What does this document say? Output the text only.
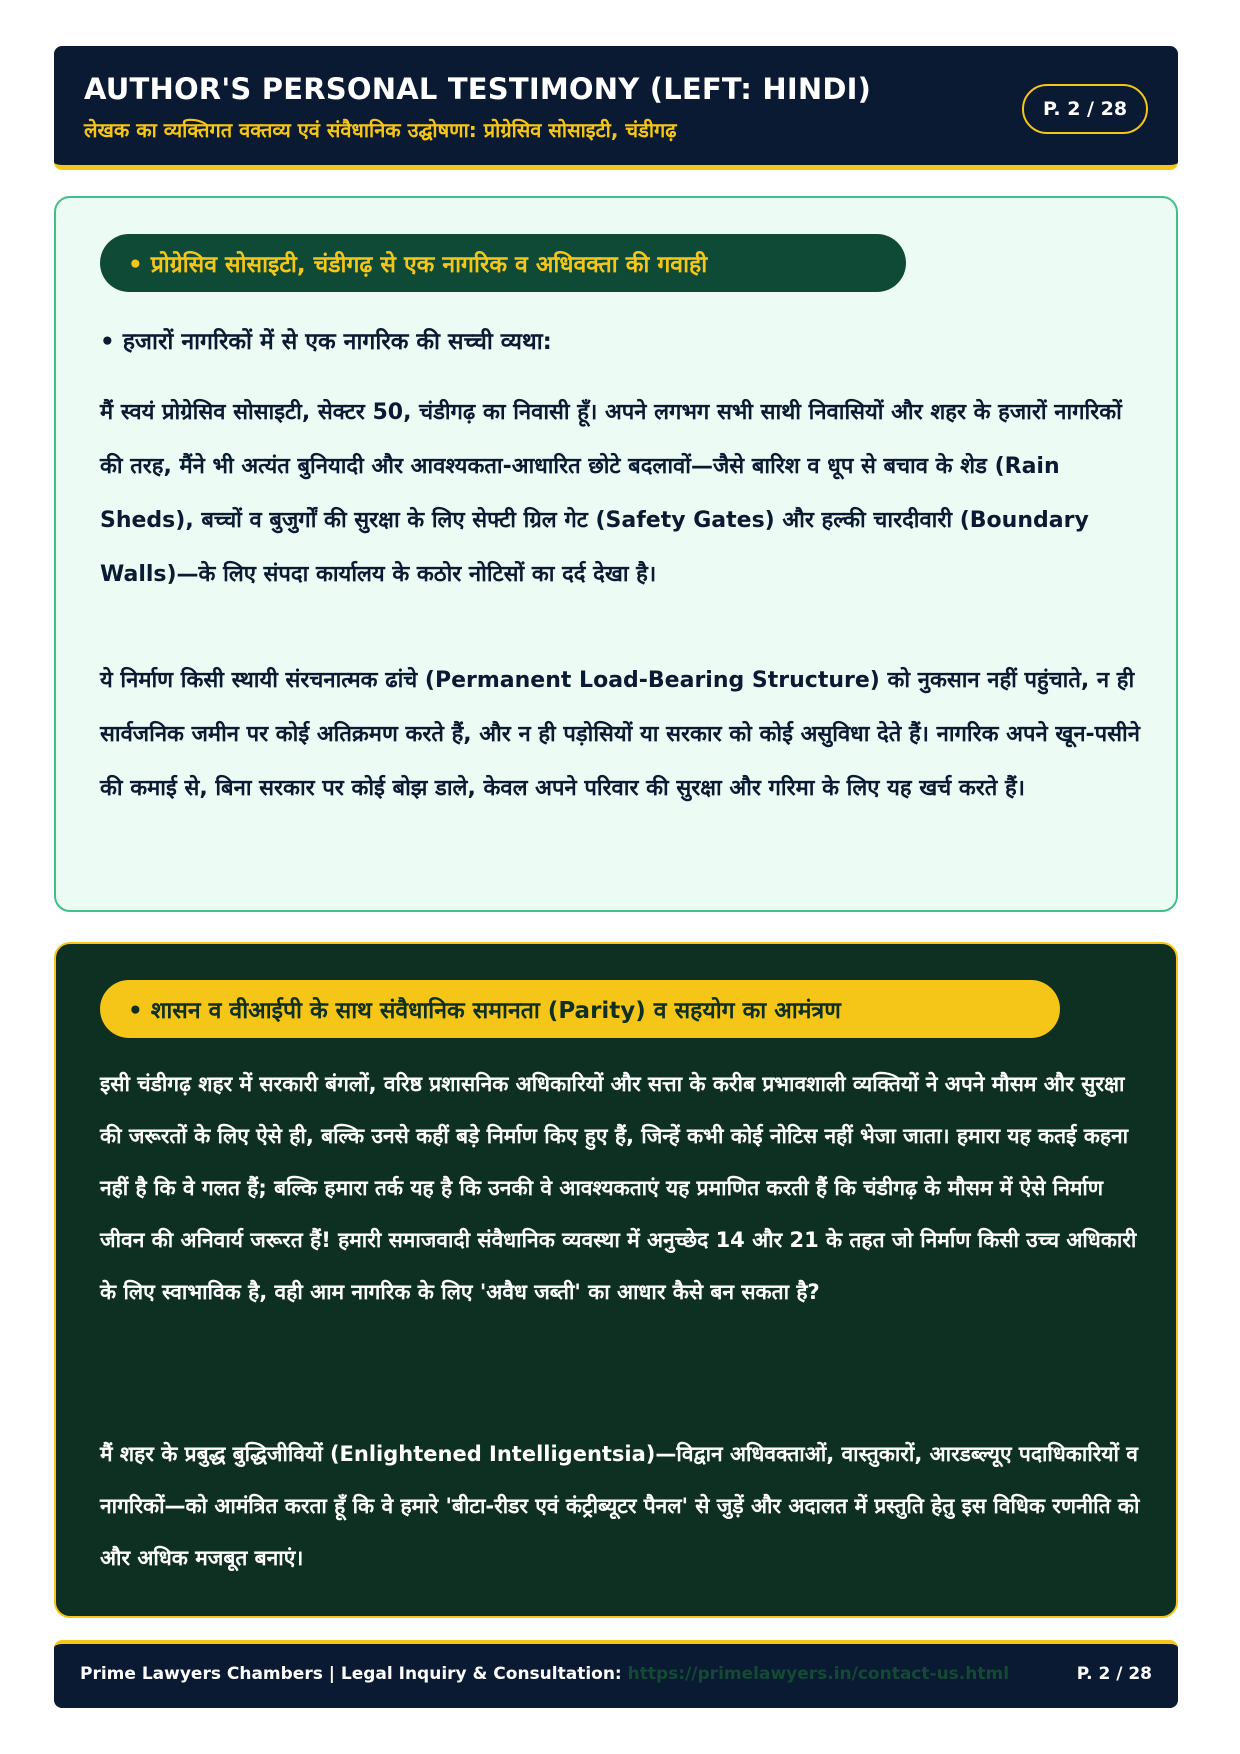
AUTHOR'S PERSONAL TESTIMONY (LEFT: HINDI)
लेखक का व्यक्तिगत वक्तव्य एवं संवैधानिक उद्घोषणा: प्रोग्रेसिव सोसाइटी, चंडीगढ़
P. 2 / 28
• प्रोग्रेसिव सोसाइटी, चंडीगढ़ से एक नागरिक व अधिवक्ता की गवाही
• हजारों नागरिकों में से एक नागरिक की सच्ची व्यथा:

मैं स्वयं प्रोग्रेसिव सोसाइटी, सेक्टर 50, चंडीगढ़ का निवासी हूँ। अपने लगभग सभी साथी निवासियों और शहर के हजारों नागरिकों की तरह, मैंने भी अत्यंत बुनियादी और आवश्यकता-आधारित छोटे बदलावों—जैसे बारिश व धूप से बचाव के शेड (Rain Sheds), बच्चों व बुजुर्गों की सुरक्षा के लिए सेफ्टी ग्रिल गेट (Safety Gates) और हल्की चारदीवारी (Boundary Walls)—के लिए संपदा कार्यालय के कठोर नोटिसों का दर्द देखा है।

ये निर्माण किसी स्थायी संरचनात्मक ढांचे (Permanent Load-Bearing Structure) को नुकसान नहीं पहुंचाते, न ही सार्वजनिक जमीन पर कोई अतिक्रमण करते हैं, और न ही पड़ोसियों या सरकार को कोई असुविधा देते हैं। नागरिक अपने खून-पसीने की कमाई से, बिना सरकार पर कोई बोझ डाले, केवल अपने परिवार की सुरक्षा और गरिमा के लिए यह खर्च करते हैं।

• शासन व वीआईपी के साथ संवैधानिक समानता (Parity) व सहयोग का आमंत्रण

इसी चंडीगढ़ शहर में सरकारी बंगलों, वरिष्ठ प्रशासनिक अधिकारियों और सत्ता के करीब प्रभावशाली व्यक्तियों ने अपने मौसम और सुरक्षा की जरूरतों के लिए ऐसे ही, बल्कि उनसे कहीं बड़े निर्माण किए हुए हैं, जिन्हें कभी कोई नोटिस नहीं भेजा जाता। हमारा यह कतई कहना नहीं है कि वे गलत हैं; बल्कि हमारा तर्क यह है कि उनकी वे आवश्यकताएं यह प्रमाणित करती हैं कि चंडीगढ़ के मौसम में ऐसे निर्माण जीवन की अनिवार्य जरूरत हैं! हमारी समाजवादी संवैधानिक व्यवस्था में अनुच्छेद 14 और 21 के तहत जो निर्माण किसी उच्च अधिकारी के लिए स्वाभाविक है, वही आम नागरिक के लिए 'अवैध जब्ती' का आधार कैसे बन सकता है?

मैं शहर के प्रबुद्ध बुद्धिजीवियों (Enlightened Intelligentsia)—विद्वान अधिवक्ताओं, वास्तुकारों, आरडब्ल्यूए पदाधिकारियों व नागरिकों—को आमंत्रित करता हूँ कि वे हमारे 'बीटा-रीडर एवं कंट्रीब्यूटर पैनल' से जुड़ें और अदालत में प्रस्तुति हेतु इस विधिक रणनीति को और अधिक मजबूत बनाएं।

Prime Lawyers Chambers | Legal Inquiry & Consultation: https://primelawyers.in/contact-us.html	P. 2 / 28
